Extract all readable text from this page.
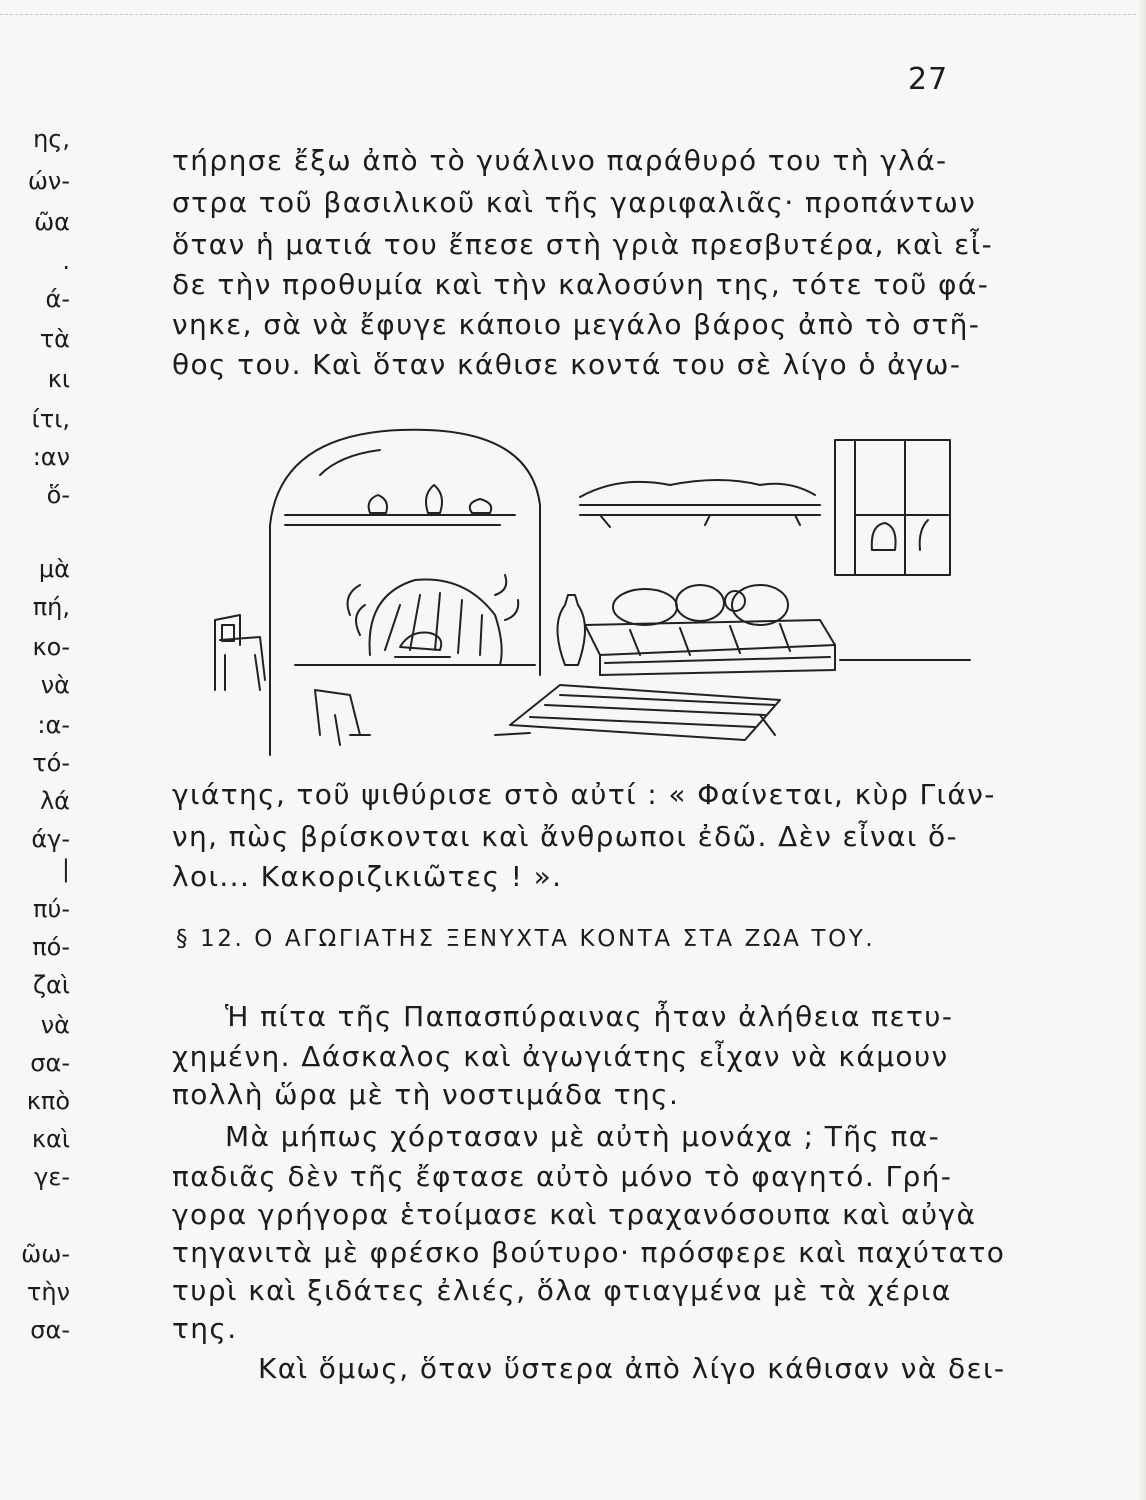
27
ης,
ών-
ῶα
.
ά-
τὰ
κι
ίτι,
:αν
ὅ-
μὰ
πή,
κο-
νὰ
:α-
τό-
λά
άγ-
|
πύ-
πό-
ζαὶ
νὰ
σα-
κπὸ
καὶ
γε-
ῶω-
τὴν
σα-
τήρησε ἔξω ἀπὸ τὸ γυάλινο παράθυρό του τὴ γλά-
στρα τοῦ βασιλικοῦ καὶ τῆς γαριφαλιᾶς· προπάντων
ὅταν ἡ ματιά του ἔπεσε στὴ γριὰ πρεσβυτέρα, καὶ εἶ-
δε τὴν προθυμία καὶ τὴν καλοσύνη της, τότε τοῦ φά-
νηκε, σὰ νὰ ἔφυγε κάποιο μεγάλο βάρος ἀπὸ τὸ στῆ-
θος του. Καὶ ὅταν κάθισε κοντά του σὲ λίγο ὁ ἀγω-
γιάτης, τοῦ ψιθύρισε στὸ αὐτί : « Φαίνεται, κὺρ Γιάν-
νη, πὼς βρίσκονται καὶ ἄνθρωποι ἐδῶ. Δὲν εἶναι ὅ-
λοι... Κακοριζικιῶτες ! ».
§ 12. Ο ΑΓΩΓΙΑΤΗΣ ΞΕΝΥΧΤΑ ΚΟΝΤΑ ΣΤΑ ΖΩΑ ΤΟΥ.
Ἡ πίτα τῆς Παπασπύραινας ἦταν ἀλήθεια πετυ-
χημένη. Δάσκαλος καὶ ἀγωγιάτης εἶχαν νὰ κάμουν
πολλὴ ὥρα μὲ τὴ νοστιμάδα της.
Μὰ μήπως χόρτασαν μὲ αὐτὴ μονάχα ; Τῆς πα-
παδιᾶς δὲν τῆς ἔφτασε αὐτὸ μόνο τὸ φαγητό. Γρή-
γορα γρήγορα ἑτοίμασε καὶ τραχανόσουπα καὶ αὐγὰ
τηγανιτὰ μὲ φρέσκο βούτυρο· πρόσφερε καὶ παχύτατο
τυρὶ καὶ ξιδάτες ἐλιές, ὅλα φτιαγμένα μὲ τὰ χέρια
της.
Καὶ ὅμως, ὅταν ὕστερα ἀπὸ λίγο κάθισαν νὰ δει-
